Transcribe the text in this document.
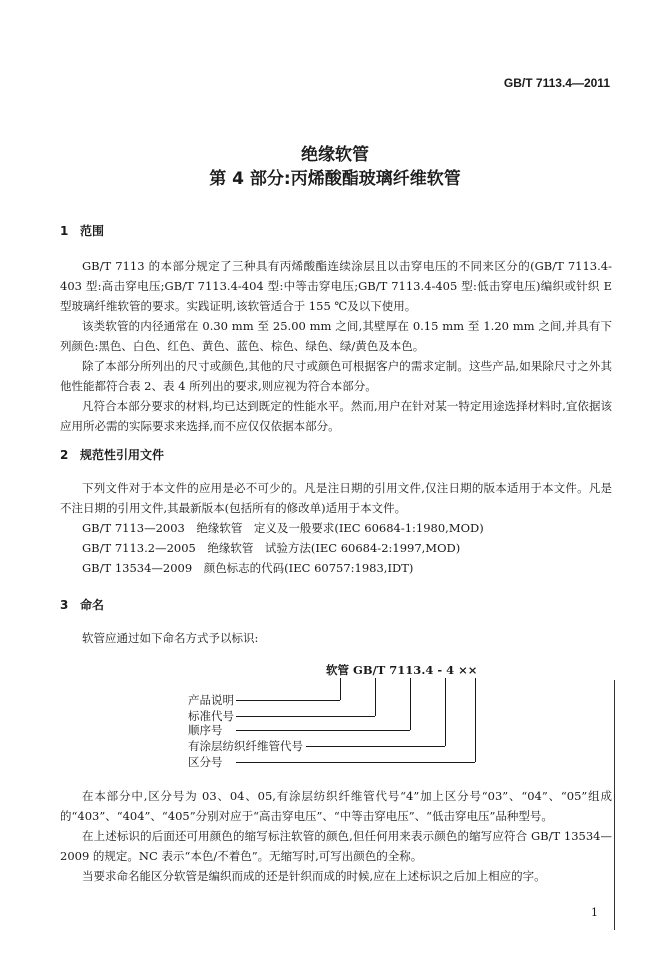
GB/T 7113.4—2011
绝缘软管
第 4 部分:丙烯酸酯玻璃纤维软管
1 范围
GB/T 7113 的本部分规定了三种具有丙烯酸酯连续涂层且以击穿电压的不同来区分的(GB/T 7113.4-403 型:高击穿电压;GB/T 7113.4-404 型:中等击穿电压;GB/T 7113.4-405 型:低击穿电压)编织或针织 E 型玻璃纤维软管的要求。实践证明,该软管适合于 155 ℃及以下使用。
该类软管的内径通常在 0.30 mm 至 25.00 mm 之间,其壁厚在 0.15 mm 至 1.20 mm 之间,并具有下列颜色:黑色、白色、红色、黄色、蓝色、棕色、绿色、绿/黄色及本色。
除了本部分所列出的尺寸或颜色,其他的尺寸或颜色可根据客户的需求定制。这些产品,如果除尺寸之外其他性能都符合表 2、表 4 所列出的要求,则应视为符合本部分。
凡符合本部分要求的材料,均已达到既定的性能水平。然而,用户在针对某一特定用途选择材料时,宜依据该应用所必需的实际要求来选择,而不应仅仅依据本部分。
2 规范性引用文件
下列文件对于本文件的应用是必不可少的。凡是注日期的引用文件,仅注日期的版本适用于本文件。凡是不注日期的引用文件,其最新版本(包括所有的修改单)适用于本文件。
GB/T 7113—2003　绝缘软管　定义及一般要求(IEC 60684-1:1980,MOD)
GB/T 7113.2—2005　绝缘软管　试验方法(IEC 60684-2:1997,MOD)
GB/T 13534—2009　颜色标志的代码(IEC 60757:1983,IDT)
3 命名
软管应通过如下命名方式予以标识:
软管 GB/T 7113.4 - 4 ××
产品说明
标准代号
顺序号
有涂层纺织纤维管代号
区分号
在本部分中,区分号为 03、04、05,有涂层纺织纤维管代号“4”加上区分号“03”、“04”、“05”组成的“403”、“404”、“405”分别对应于“高击穿电压”、“中等击穿电压”、“低击穿电压”品种型号。
在上述标识的后面还可用颜色的缩写标注软管的颜色,但任何用来表示颜色的缩写应符合 GB/T 13534—2009 的规定。NC 表示“本色/不着色”。无缩写时,可写出颜色的全称。
当要求命名能区分软管是编织而成的还是针织而成的时候,应在上述标识之后加上相应的字。
1
